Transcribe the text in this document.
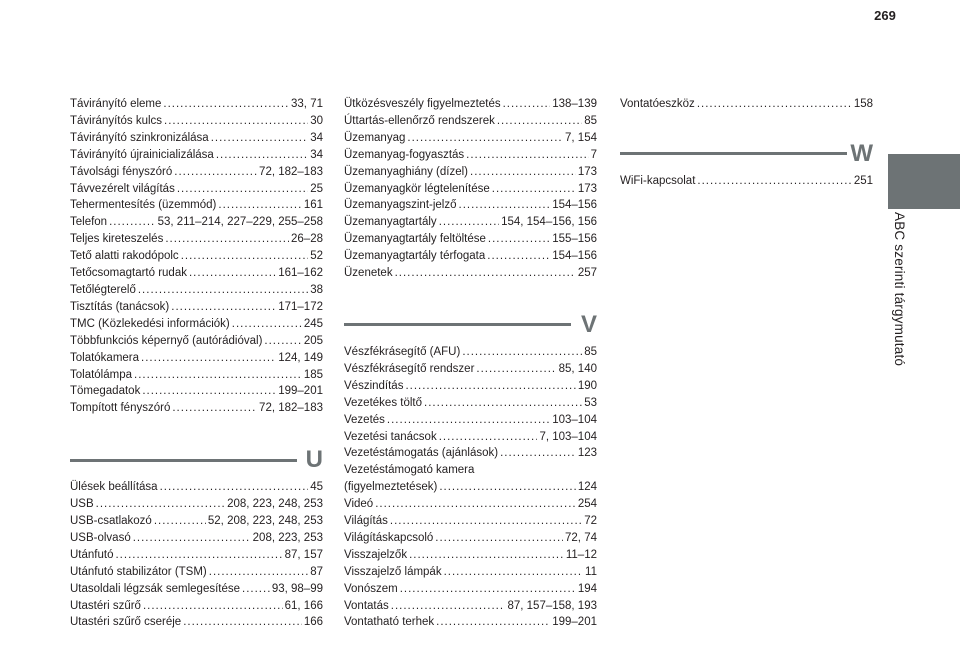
269
ABC szerinti tárgymutató
Távirányító eleme .....	33, 71
Távirányítós kulcs .....	30
Távirányító szinkronizálása .....	34
Távirányító újrainicializálása .....	34
Távolsági fényszóró .....	72, 182–183
Távvezérelt világítás .....	25
Tehermentesítés (üzemmód) .....	161
Telefon .....	53, 211–214, 227–229, 255–258
Teljes kireteszelés .....	26–28
Tető alatti rakodópolc .....	52
Tetőcsomagtartó rudak .....	161–162
Tetőlégterelő .....	38
Tisztítás (tanácsok) .....	171–172
TMC (Közlekedési információk) .....	245
Többfunkciós képernyő (autórádióval) .....	205
Tolatókamera .....	124, 149
Tolatólámpa .....	185
Tömegadatok .....	199–201
Tompított fényszóró .....	72, 182–183
U
Ülések beállítása .....	45
USB .....	208, 223, 248, 253
USB-csatlakozó .....	52, 208, 223, 248, 253
USB-olvasó .....	208, 223, 253
Utánfutó .....	87, 157
Utánfutó stabilizátor (TSM) .....	87
Utasoldali légzsák semlegesítése .....	93, 98–99
Utastéri szűrő .....	61, 166
Utastéri szűrő cseréje .....	166
Ütközésveszély figyelmeztetés .....	138–139
Úttartás-ellenőrző rendszerek .....	85
Üzemanyag .....	7, 154
Üzemanyag-fogyasztás .....	7
Üzemanyaghiány (dízel) .....	173
Üzemanyagkör légtelenítése .....	173
Üzemanyagszint-jelző .....	154–156
Üzemanyagtartály .....	154, 154–156, 156
Üzemanyagtartály feltöltése .....	155–156
Üzemanyagtartály térfogata .....	154–156
Üzenetek .....	257
V
Vészfékrásegítő (AFU) .....	85
Vészfékrásegítő rendszer .....	85, 140
Vészindítás .....	190
Vezetékes töltő .....	53
Vezetés .....	103–104
Vezetési tanácsok .....	7, 103–104
Vezetéstámogatás (ajánlások) .....	123
Vezetéstámogató kamera
(figyelmeztetések) .....	124
Videó .....	254
Világítás .....	72
Világításkapcsoló .....	72, 74
Visszajelzők .....	11–12
Visszajelző lámpák .....	11
Vonószem .....	194
Vontatás .....	87, 157–158, 193
Vontatható terhek .....	199–201
Vontatóeszköz .....	158
W
WiFi-kapcsolat .....	251
